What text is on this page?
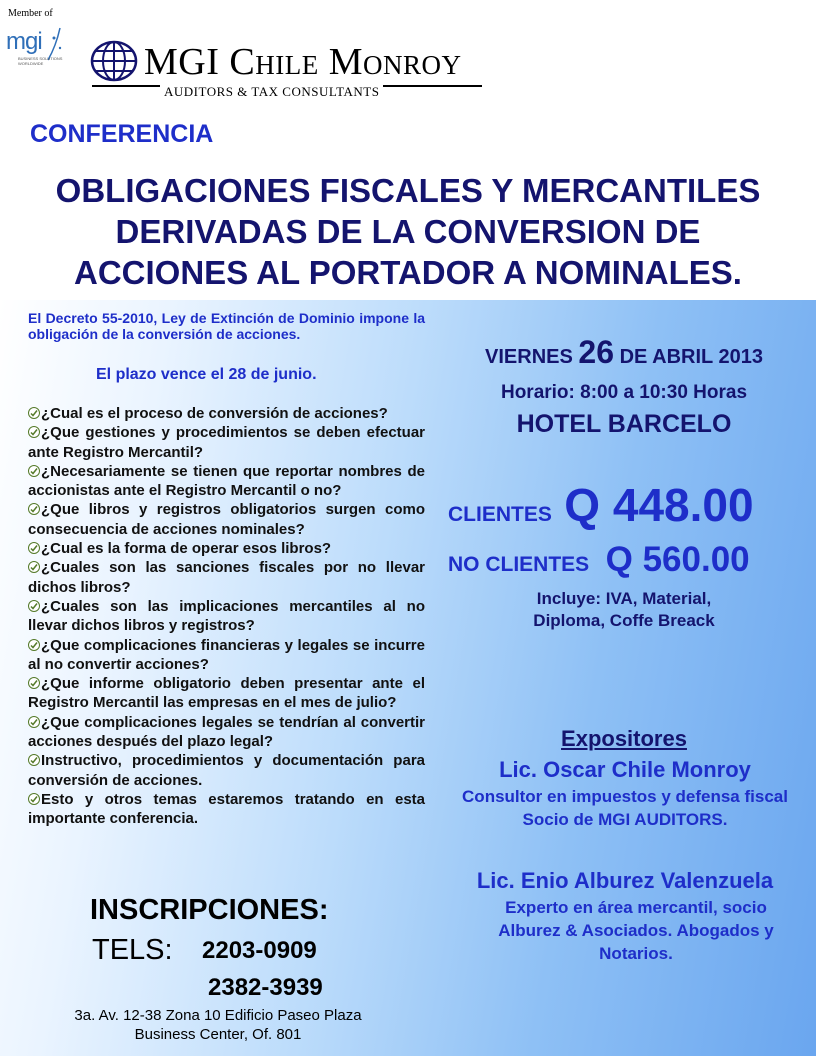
Member of
mgi
BUSINESS SOLUTIONS WORLDWIDE	MGI Chile Monroy
AUDITORS & TAX CONSULTANTS
CONFERENCIA
OBLIGACIONES FISCALES Y MERCANTILES
DERIVADAS DE LA CONVERSION DE
ACCIONES AL PORTADOR A NOMINALES.
El Decreto 55-2010, Ley de Extinción de Dominio impone la obligación de la conversión de acciones.
El plazo vence el 28 de junio.
¿Cual es el proceso de conversión de acciones?
¿Que gestiones y procedimientos se deben efectuar ante Registro Mercantil?
¿Necesariamente se tienen que reportar nombres de accionistas ante el Registro Mercantil o no?
¿Que libros y registros obligatorios surgen como consecuencia de acciones nominales?
¿Cual es la forma de operar esos libros?
¿Cuales son las sanciones fiscales por no llevar dichos libros?
¿Cuales son las implicaciones mercantiles al no llevar dichos libros y registros?
¿Que complicaciones financieras y legales se incurre al no convertir acciones?
¿Que informe obligatorio deben presentar ante el Registro Mercantil las empresas en el mes de julio?
¿Que complicaciones legales se tendrían al convertir acciones después del plazo legal?
Instructivo, procedimientos y documentación para conversión de acciones.
Esto y otros temas estaremos tratando en esta importante conferencia.
INSCRIPCIONES:
TELS: 2203-0909
2382-3939
3a. Av. 12-38 Zona 10 Edificio Paseo Plaza Business Center, Of. 801
VIERNES 26 DE ABRIL 2013
Horario: 8:00 a 10:30 Horas
HOTEL BARCELO
CLIENTES Q 448.00
NO CLIENTES Q 560.00
Incluye: IVA, Material,
Diploma, Coffe Breack
Expositores
Lic. Oscar Chile Monroy
Consultor en impuestos y defensa fiscal
Socio de MGI AUDITORS.
Lic. Enio Alburez Valenzuela
Experto en área mercantil, socio
Alburez & Asociados. Abogados y
Notarios.
